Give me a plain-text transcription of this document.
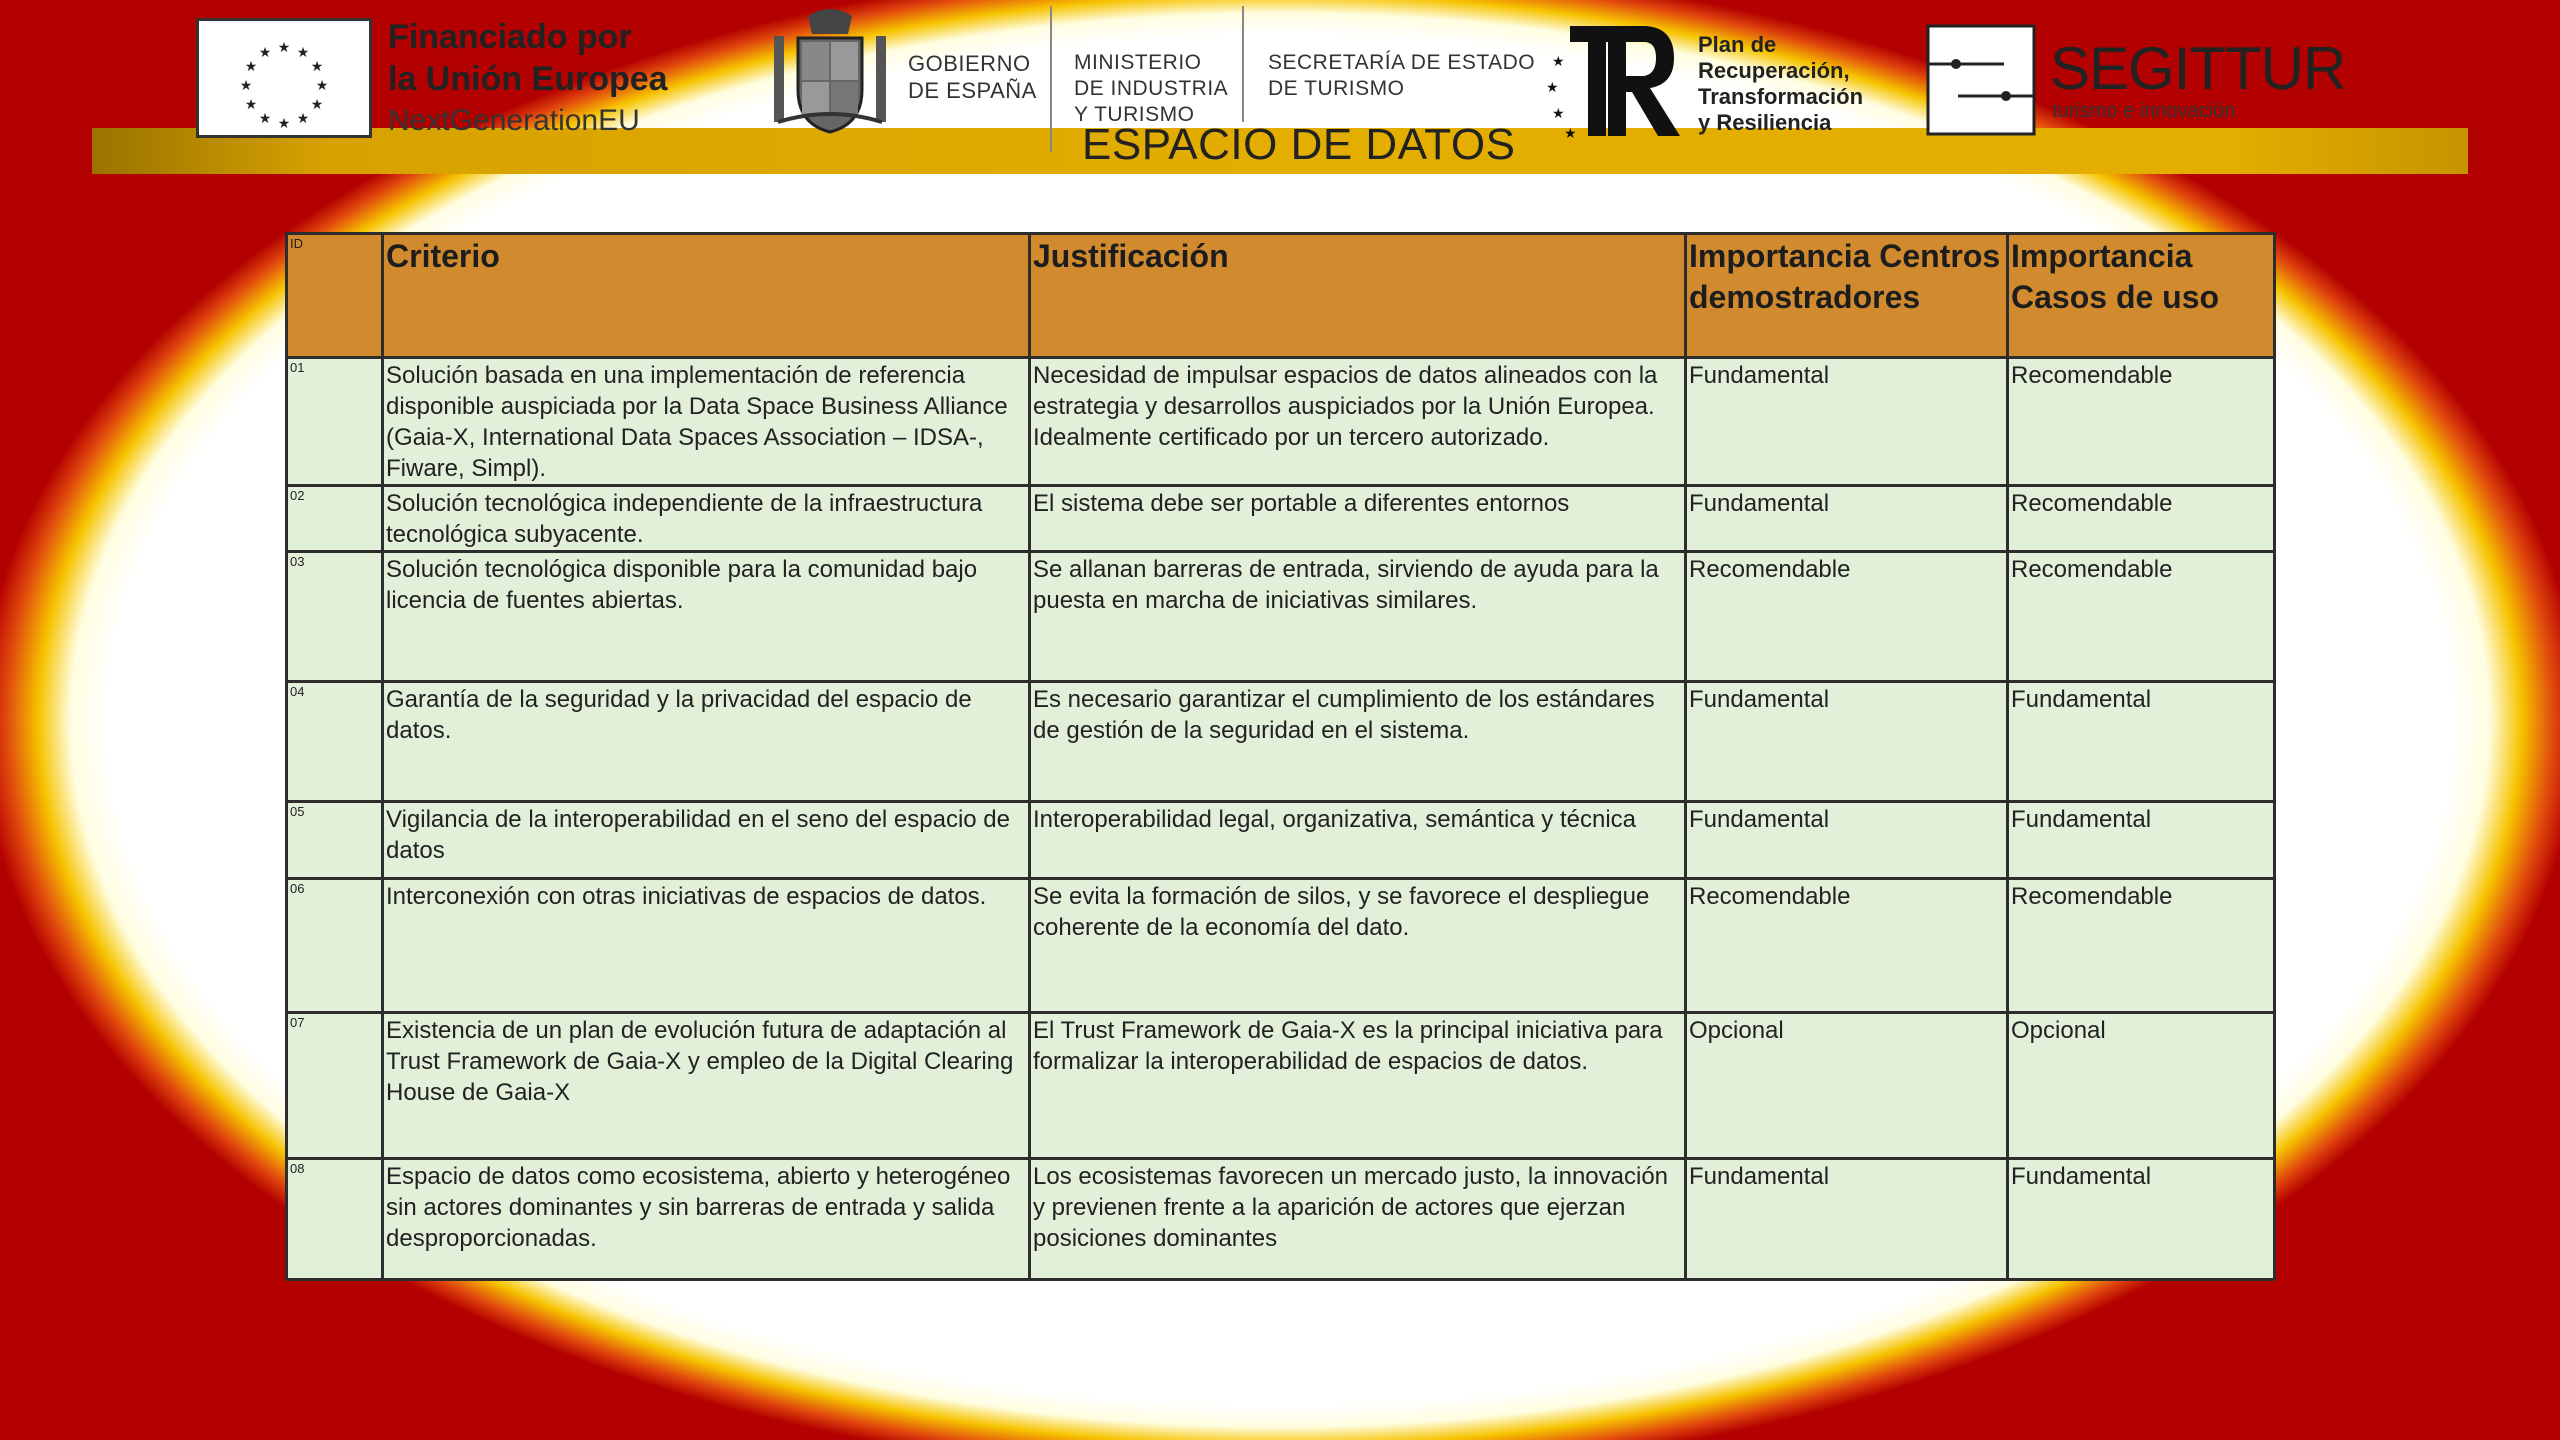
★ ★
★
★
★
★
★
★
★
★
★
★	Financiado por
la Unión Europea
NextGenerationEU
GOBIERNO
DE ESPAÑA
MINISTERIO
DE INDUSTRIA
Y TURISMO
SECRETARÍA DE ESTADO
DE TURISMO
ESPACIO DE DATOS
★
★
★
★
Plan de
Recuperación,
Transformación
y Resiliencia
SEGITTUR
turismo e innovación
ID	Criterio	Justificación	Importancia Centros demostradores	Importancia Casos de uso
01	Solución basada en una implementación de referencia disponible auspiciada por la Data Space Business Alliance (Gaia-X, International Data Spaces Association – IDSA-, Fiware, Simpl).	Necesidad de impulsar espacios de datos alineados con la estrategia y desarrollos auspiciados por la Unión Europea. Idealmente certificado por un tercero autorizado.	Fundamental	Recomendable
02	Solución tecnológica independiente de la infraestructura tecnológica subyacente.	El sistema debe ser portable a diferentes entornos	Fundamental	Recomendable
03	Solución tecnológica disponible para la comunidad bajo licencia de fuentes abiertas.	Se allanan barreras de entrada, sirviendo de ayuda para la puesta en marcha de iniciativas similares.	Recomendable	Recomendable
04	Garantía de la seguridad y la privacidad del espacio de datos.	Es necesario garantizar el cumplimiento de los estándares de gestión de la seguridad en el sistema.	Fundamental	Fundamental
05	Vigilancia de la interoperabilidad en el seno del espacio de datos	Interoperabilidad legal, organizativa, semántica y técnica	Fundamental	Fundamental
06	Interconexión con otras iniciativas de espacios de datos.	Se evita la formación de silos, y se favorece el despliegue coherente de la economía del dato.	Recomendable	Recomendable
07	Existencia de un plan de evolución futura de adaptación al Trust Framework de Gaia-X y empleo de la Digital Clearing House de Gaia-X	El Trust Framework de Gaia-X es la principal iniciativa para formalizar la interoperabilidad de espacios de datos.	Opcional	Opcional
08	Espacio de datos como ecosistema, abierto y heterogéneo sin actores dominantes y sin barreras de entrada y salida desproporcionadas.	Los ecosistemas favorecen un mercado justo, la innovación y previenen frente a la aparición de actores que ejerzan posiciones dominantes	Fundamental	Fundamental
